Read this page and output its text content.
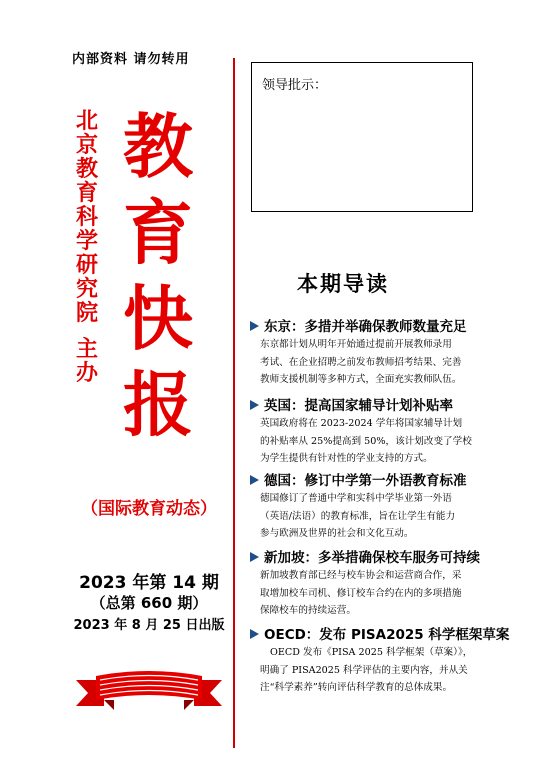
内部资料 请勿转用
北
京
教
育
科
学
研
究
院
主
办
教
育
快
报
（国际教育动态）
2023 年第 14 期
（总第 660 期）
2023 年 8 月 25 日出版
领导批示：
本期导读
东京：多措并举确保教师数量充足
东京都计划从明年开始通过提前开展教师录用
考试、在企业招聘之前发布教师招考结果、完善
教师支援机制等多种方式，全面充实教师队伍。
英国：提高国家辅导计划补贴率
英国政府将在 2023-2024 学年将国家辅导计划
的补贴率从 25%提高到 50%，该计划改变了学校
为学生提供有针对性的学业支持的方式。
德国：修订中学第一外语教育标准
德国修订了普通中学和实科中学毕业第一外语
（英语/法语）的教育标准，旨在让学生有能力
参与欧洲及世界的社会和文化互动。
新加坡：多举措确保校车服务可持续
新加坡教育部已经与校车协会和运营商合作，采
取增加校车司机、修订校车合约在内的多项措施
保障校车的持续运营。
OECD：发布 PISA2025 科学框架草案
OECD 发布《PISA 2025 科学框架（草案）》，
明确了 PISA2025 科学评估的主要内容，并从关
注“科学素养”转向评估科学教育的总体成果。
